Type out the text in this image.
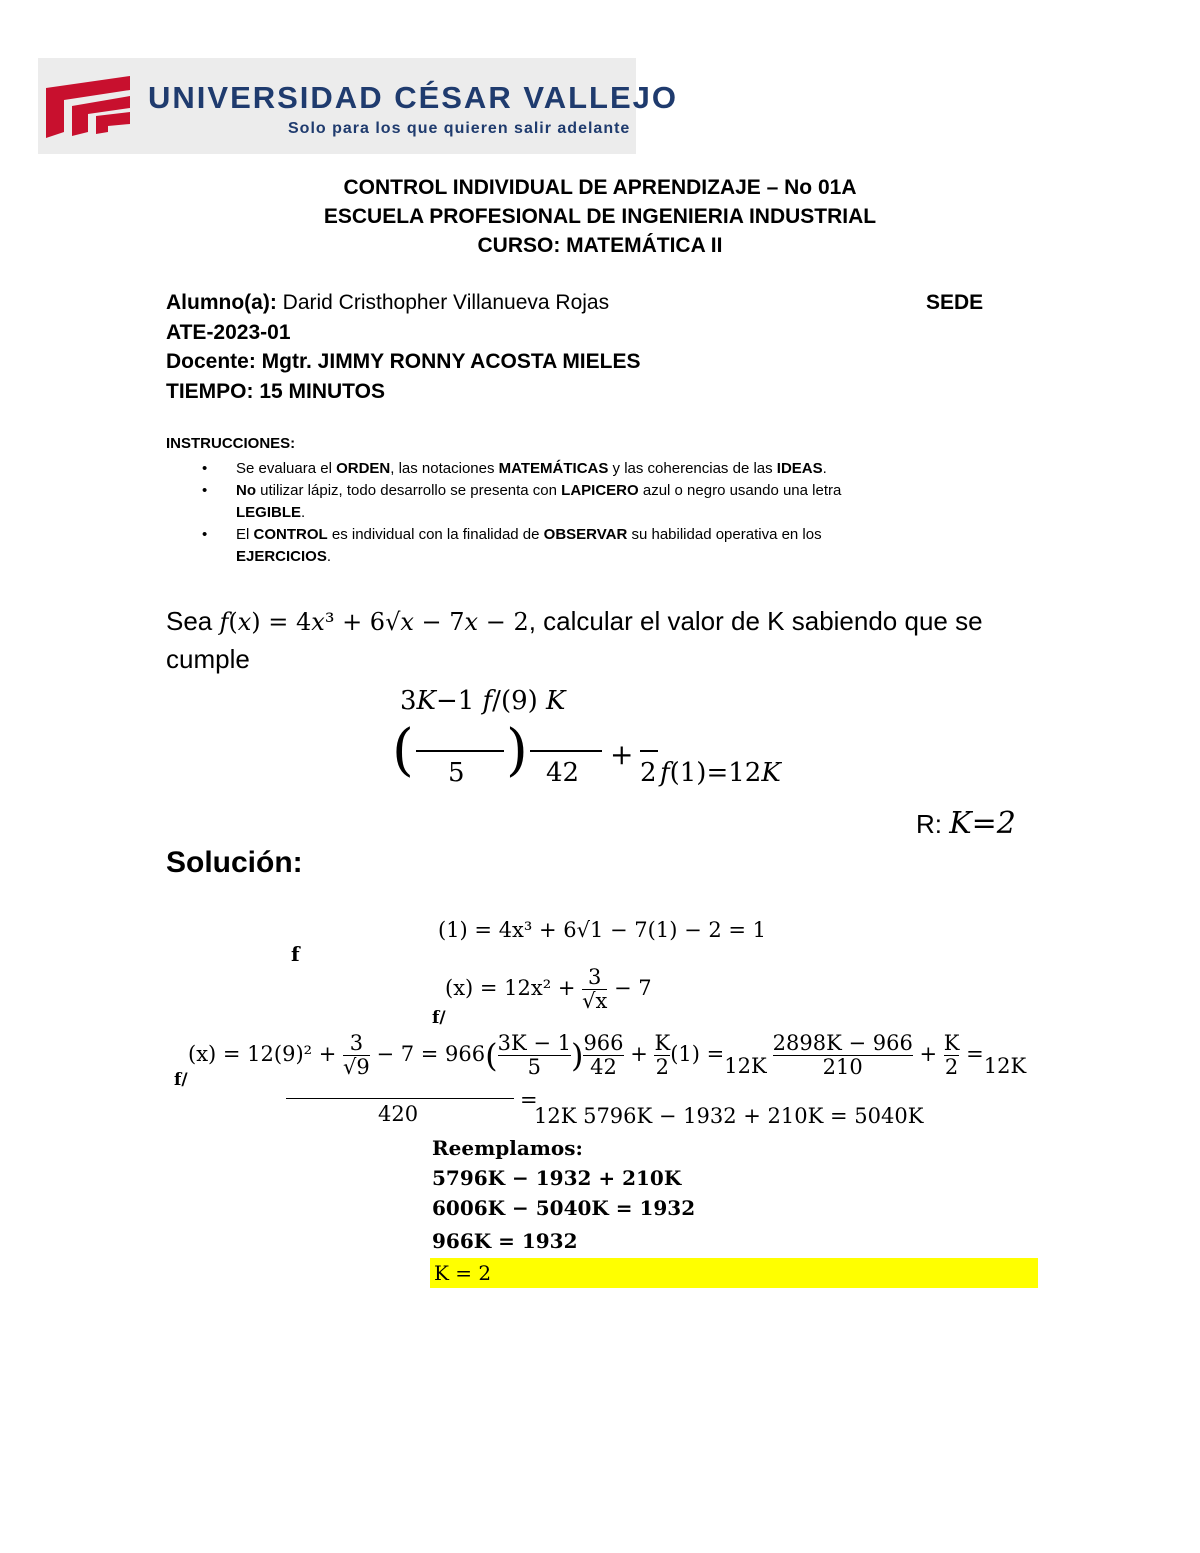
UNIVERSIDAD CÉSAR VALLEJO
Solo para los que quieren salir adelante
CONTROL INDIVIDUAL DE APRENDIZAJE – No 01A
ESCUELA PROFESIONAL DE INGENIERIA INDUSTRIAL
CURSO: MATEMÁTICA II
Alumno(a): Darid Cristhopher Villanueva Rojas	SEDE
ATE-2023-01
Docente: Mgtr. JIMMY RONNY ACOSTA MIELES
TIEMPO: 15 MINUTOS
INSTRUCCIONES:
• Se evaluara el ORDEN, las notaciones MATEMÁTICAS y las coherencias de las IDEAS.
• No utilizar lápiz, todo desarrollo se presenta con LAPICERO azul o negro usando una letra
LEGIBLE.
• El CONTROL es individual con la finalidad de OBSERVAR su habilidad operativa en los
EJERCICIOS.
Sea 𝑓(𝑥) = 4𝑥³ + 6√𝑥 − 7𝑥 − 2, calcular el valor de K sabiendo que se
cumple
3𝐾−1 𝑓/(9) 𝐾
( 5 ) 42
+
2 𝑓(1)=12𝐾
R: 𝐾=2
Solución:
f
(1) = 4x³ + 6√1 − 7(1) − 2 = 1
f/
$(x) = 12x^2 + \frac{3}{√x} - 7$
f/
$(x) = 12(9)^2 + \frac{3}{√9} - 7 = 966( \frac{3K - 1}{5}$ ) $\frac{966}{42} + \frac{K}{2} (1) =12K \frac{2898K - 966}{210} + \frac{K}{2} =12K$
420
=
12K 5796K − 1932 + 210K = 5040K
Reemplamos:
5796K − 1932 + 210K
6006K − 5040K = 1932
966K = 1932
K = 2
